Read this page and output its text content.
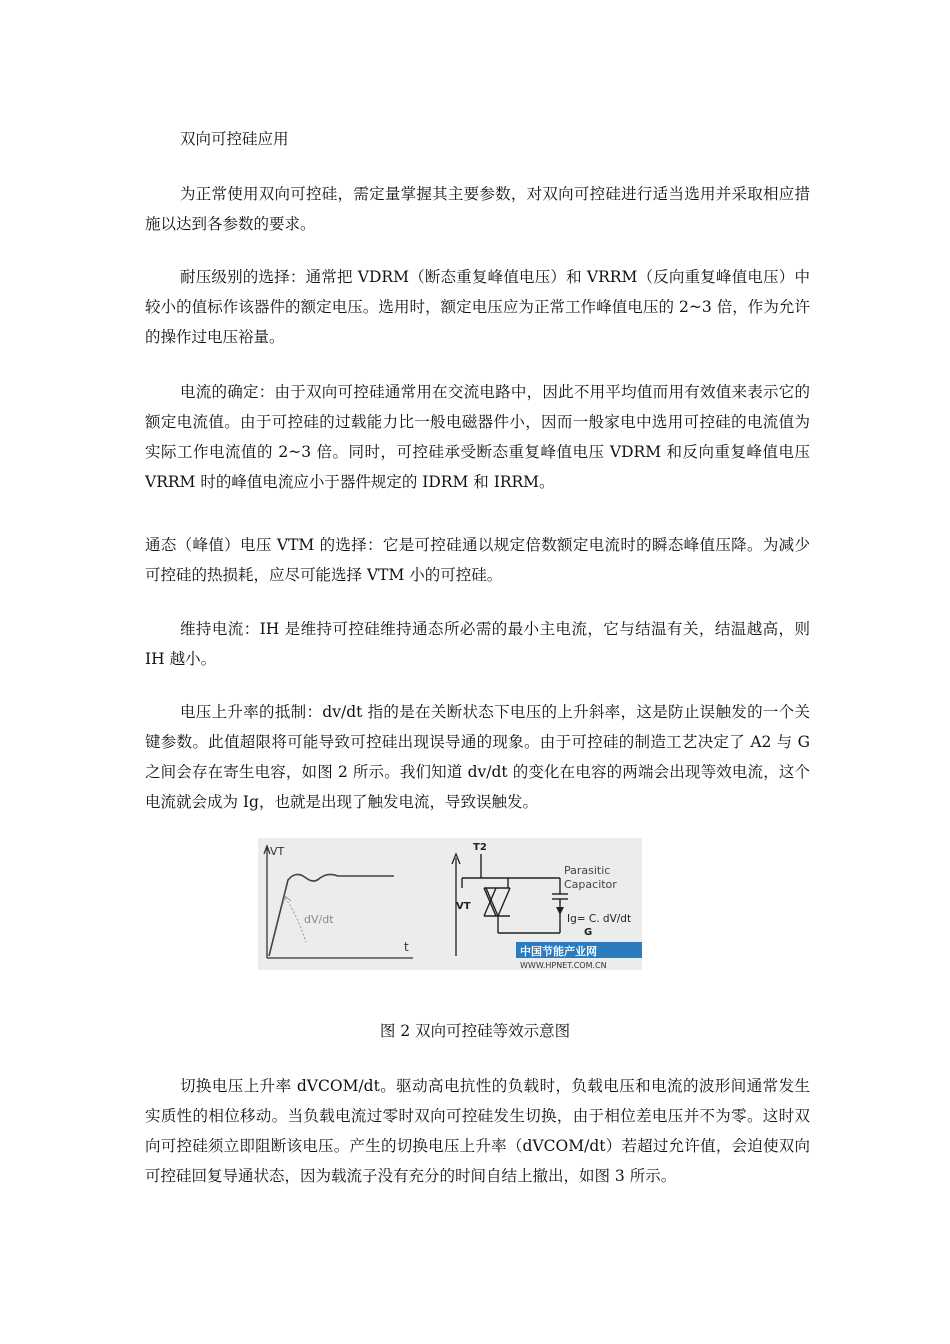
双向可控硅应用

为正常使用双向可控硅，需定量掌握其主要参数，对双向可控硅进行适当选用并采取相应措施以达到各参数的要求。

耐压级别的选择：通常把 VDRM（断态重复峰值电压）和 VRRM（反向重复峰值电压）中较小的值标作该器件的额定电压。选用时，额定电压应为正常工作峰值电压的 2~3 倍，作为允许的操作过电压裕量。

电流的确定：由于双向可控硅通常用在交流电路中，因此不用平均值而用有效值来表示它的额定电流值。由于可控硅的过载能力比一般电磁器件小，因而一般家电中选用可控硅的电流值为实际工作电流值的 2~3 倍。同时，可控硅承受断态重复峰值电压 VDRM 和反向重复峰值电压 VRRM 时的峰值电流应小于器件规定的 IDRM 和 IRRM。

通态（峰值）电压 VTM 的选择：它是可控硅通以规定倍数额定电流时的瞬态峰值压降。为减少可控硅的热损耗，应尽可能选择 VTM 小的可控硅。

维持电流：IH 是维持可控硅维持通态所必需的最小主电流，它与结温有关，结温越高，则 IH 越小。

电压上升率的抵制：dv/dt 指的是在关断状态下电压的上升斜率，这是防止误触发的一个关键参数。此值超限将可能导致可控硅出现误导通的现象。由于可控硅的制造工艺决定了 A2 与 G 之间会存在寄生电容，如图 2 所示。我们知道 dv/dt 的变化在电容的两端会出现等效电流，这个电流就会成为 Ig，也就是出现了触发电流，导致误触发。

VT
t
dV/dt
T2
VT
Parasitic
Capacitor
Ig= C. dV/dt
G
中国节能产业网
WWW.HPNET.COM.CN
图 2 双向可控硅等效示意图

切换电压上升率 dVCOM/dt。驱动高电抗性的负载时，负载电压和电流的波形间通常发生实质性的相位移动。当负载电流过零时双向可控硅发生切换，由于相位差电压并不为零。这时双向可控硅须立即阻断该电压。产生的切换电压上升率（dVCOM/dt）若超过允许值，会迫使双向可控硅回复导通状态，因为载流子没有充分的时间自结上撤出，如图 3 所示。
